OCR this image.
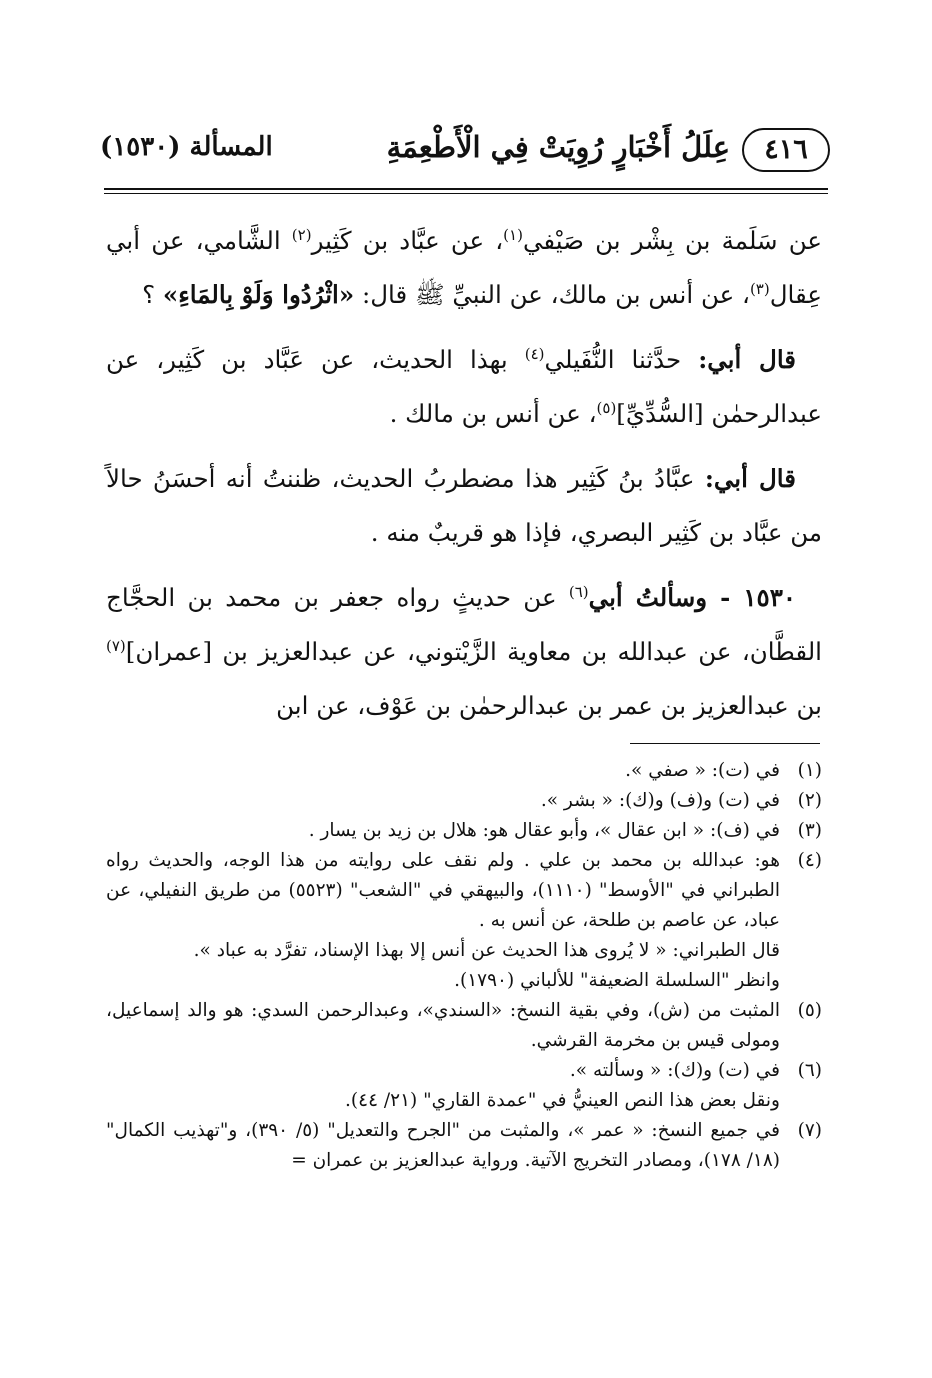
٤١٦
عِلَلُ أَخْبَارٍ رُوِيَتْ فِي الْأَطْعِمَةِ
المسألة (١٥٣٠)

عن سَلَمة بن بِشْر بن صَيْفي$^{(١)}$، عن عبَّاد بن كَثِير$^{(٢)}$ الشَّامي، عن أبي عِقال$^{(٣)}$، عن أنس بن مالك، عن النبيِّ ﷺ قال: «اثْرُدُوا وَلَوْ بِالمَاءِ» ؟

قال أبي: حدَّثنا النُّفَيلي$^{(٤)}$ بهذا الحديث، عن عَبَّاد بن كَثِير، عن عبدالرحمٰن [السُّدِّيِّ]$^{(٥)}$، عن أنس بن مالك .

قال أبي: عبَّادُ بنُ كَثِير هذا مضطربُ الحديث، ظننتُ أنه أحسَنُ حالاً من عبَّاد بن كَثِير البصري، فإذا هو قريبٌ منه .

١٥٣٠ - وسألتُ أبي$^{(٦)}$ عن حديثٍ رواه جعفر بن محمد بن الحجَّاج القطَّان، عن عبدالله بن معاوية الزَّيْتوني، عن عبدالعزيز بن [عمران]$^{(٧)}$ بن عبدالعزيز بن عمر بن عبدالرحمٰن بن عَوْف، عن ابن

(١)
في (ت): « صفي ».
(٢)
في (ت) و(ف) و(ك): « بشر ».
(٣)
في (ف): « ابن عقال »، وأبو عقال هو: هلال بن زيد بن يسار .
(٤)
هو: عبدالله بن محمد بن علي . ولم نقف على روايته من هذا الوجه، والحديث رواه الطبراني في "الأوسط" (١١١٠)، والبيهقي في "الشعب" (٥٥٢٣) من طريق النفيلي، عن عباد، عن عاصم بن طلحة، عن أنس به .
قال الطبراني: « لا يُروى هذا الحديث عن أنس إلا بهذا الإسناد، تفرَّد به عباد ».
وانظر "السلسلة الضعيفة" للألباني (١٧٩٠).
(٥)
المثبت من (ش)، وفي بقية النسخ: «السندي»، وعبدالرحمن السدي: هو والد إسماعيل، ومولى قيس بن مخرمة القرشي.
(٦)
في (ت) و(ك): « وسألته ».
ونقل بعض هذا النص العينيُّ في "عمدة القاري" (٢١/ ٤٤).
(٧)
في جميع النسخ: « عمر »، والمثبت من "الجرح والتعديل" (٥/ ٣٩٠)، و"تهذيب الكمال" (١٨/ ١٧٨)، ومصادر التخريج الآتية. ورواية عبدالعزيز بن عمران =
